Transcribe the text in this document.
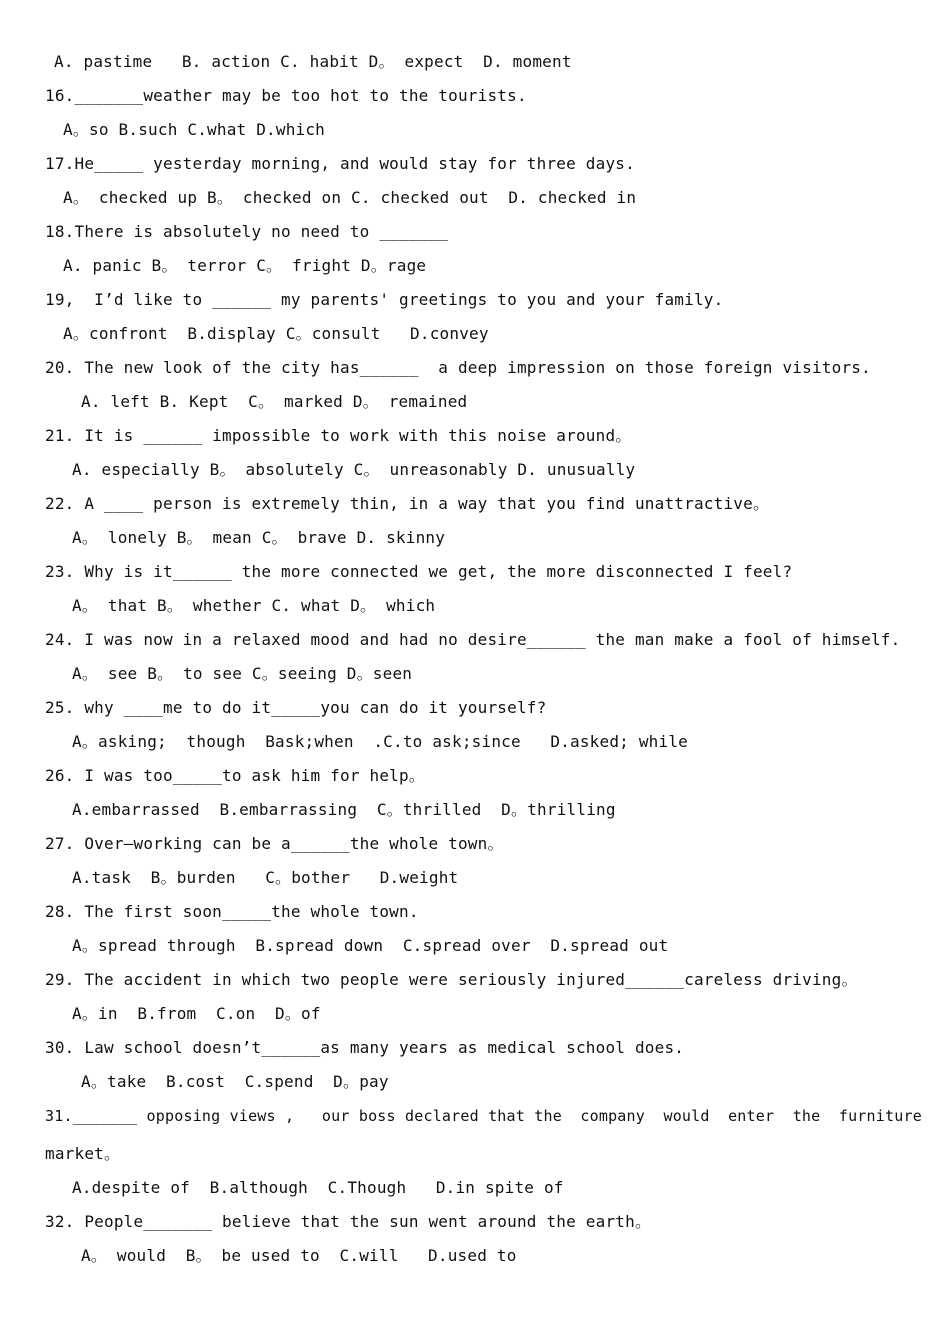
A. pastime   B. action C. habit D。 expect  D. moment
16._______weather may be too hot to the tourists.
A。so B.such C.what D.which
17.He_____ yesterday morning, and would stay for three days.
A。 checked up B。 checked on C. checked out  D. checked in
18.There is absolutely no need to _______
A. panic B。 terror C。 fright D。rage
19,  I’d like to ______ my parents' greetings to you and your family.
A。confront  B.display C。consult   D.convey
20. The new look of the city has______  a deep impression on those foreign visitors.
A. left B. Kept  C。 marked D。 remained
21. It is ______ impossible to work with this noise around。
A. especially B。 absolutely C。 unreasonably D. unusually
22. A ____ person is extremely thin, in a way that you find unattractive。
A。 lonely B。 mean C。 brave D. skinny
23. Why is it______ the more connected we get, the more disconnected I feel?
A。 that B。 whether C. what D。 which
24. I was now in a relaxed mood and had no desire______ the man make a fool of himself.
A。 see B。 to see C。seeing D。seen
25. why ____me to do it_____you can do it yourself?
A。asking;  though  Bask;when  .C.to ask;since   D.asked; while
26. I was too_____to ask him for help。
A.embarrassed  B.embarrassing  C。thrilled  D。thrilling
27. Over—working can be a______the whole town。
A.task  B。burden   C。bother   D.weight
28. The first soon_____the whole town.
A。spread through  B.spread down  C.spread over  D.spread out
29. The accident in which two people were seriously injured______careless driving。
A。in  B.from  C.on  D。of
30. Law school doesn’t______as many years as medical school does.
A。take  B.cost  C.spend  D。pay
31._______ opposing views ,   our boss declared that the  company  would  enter  the  furniture
market。
A.despite of  B.although  C.Though   D.in spite of
32. People_______ believe that the sun went around the earth。
A。 would  B。 be used to  C.will   D.used to
